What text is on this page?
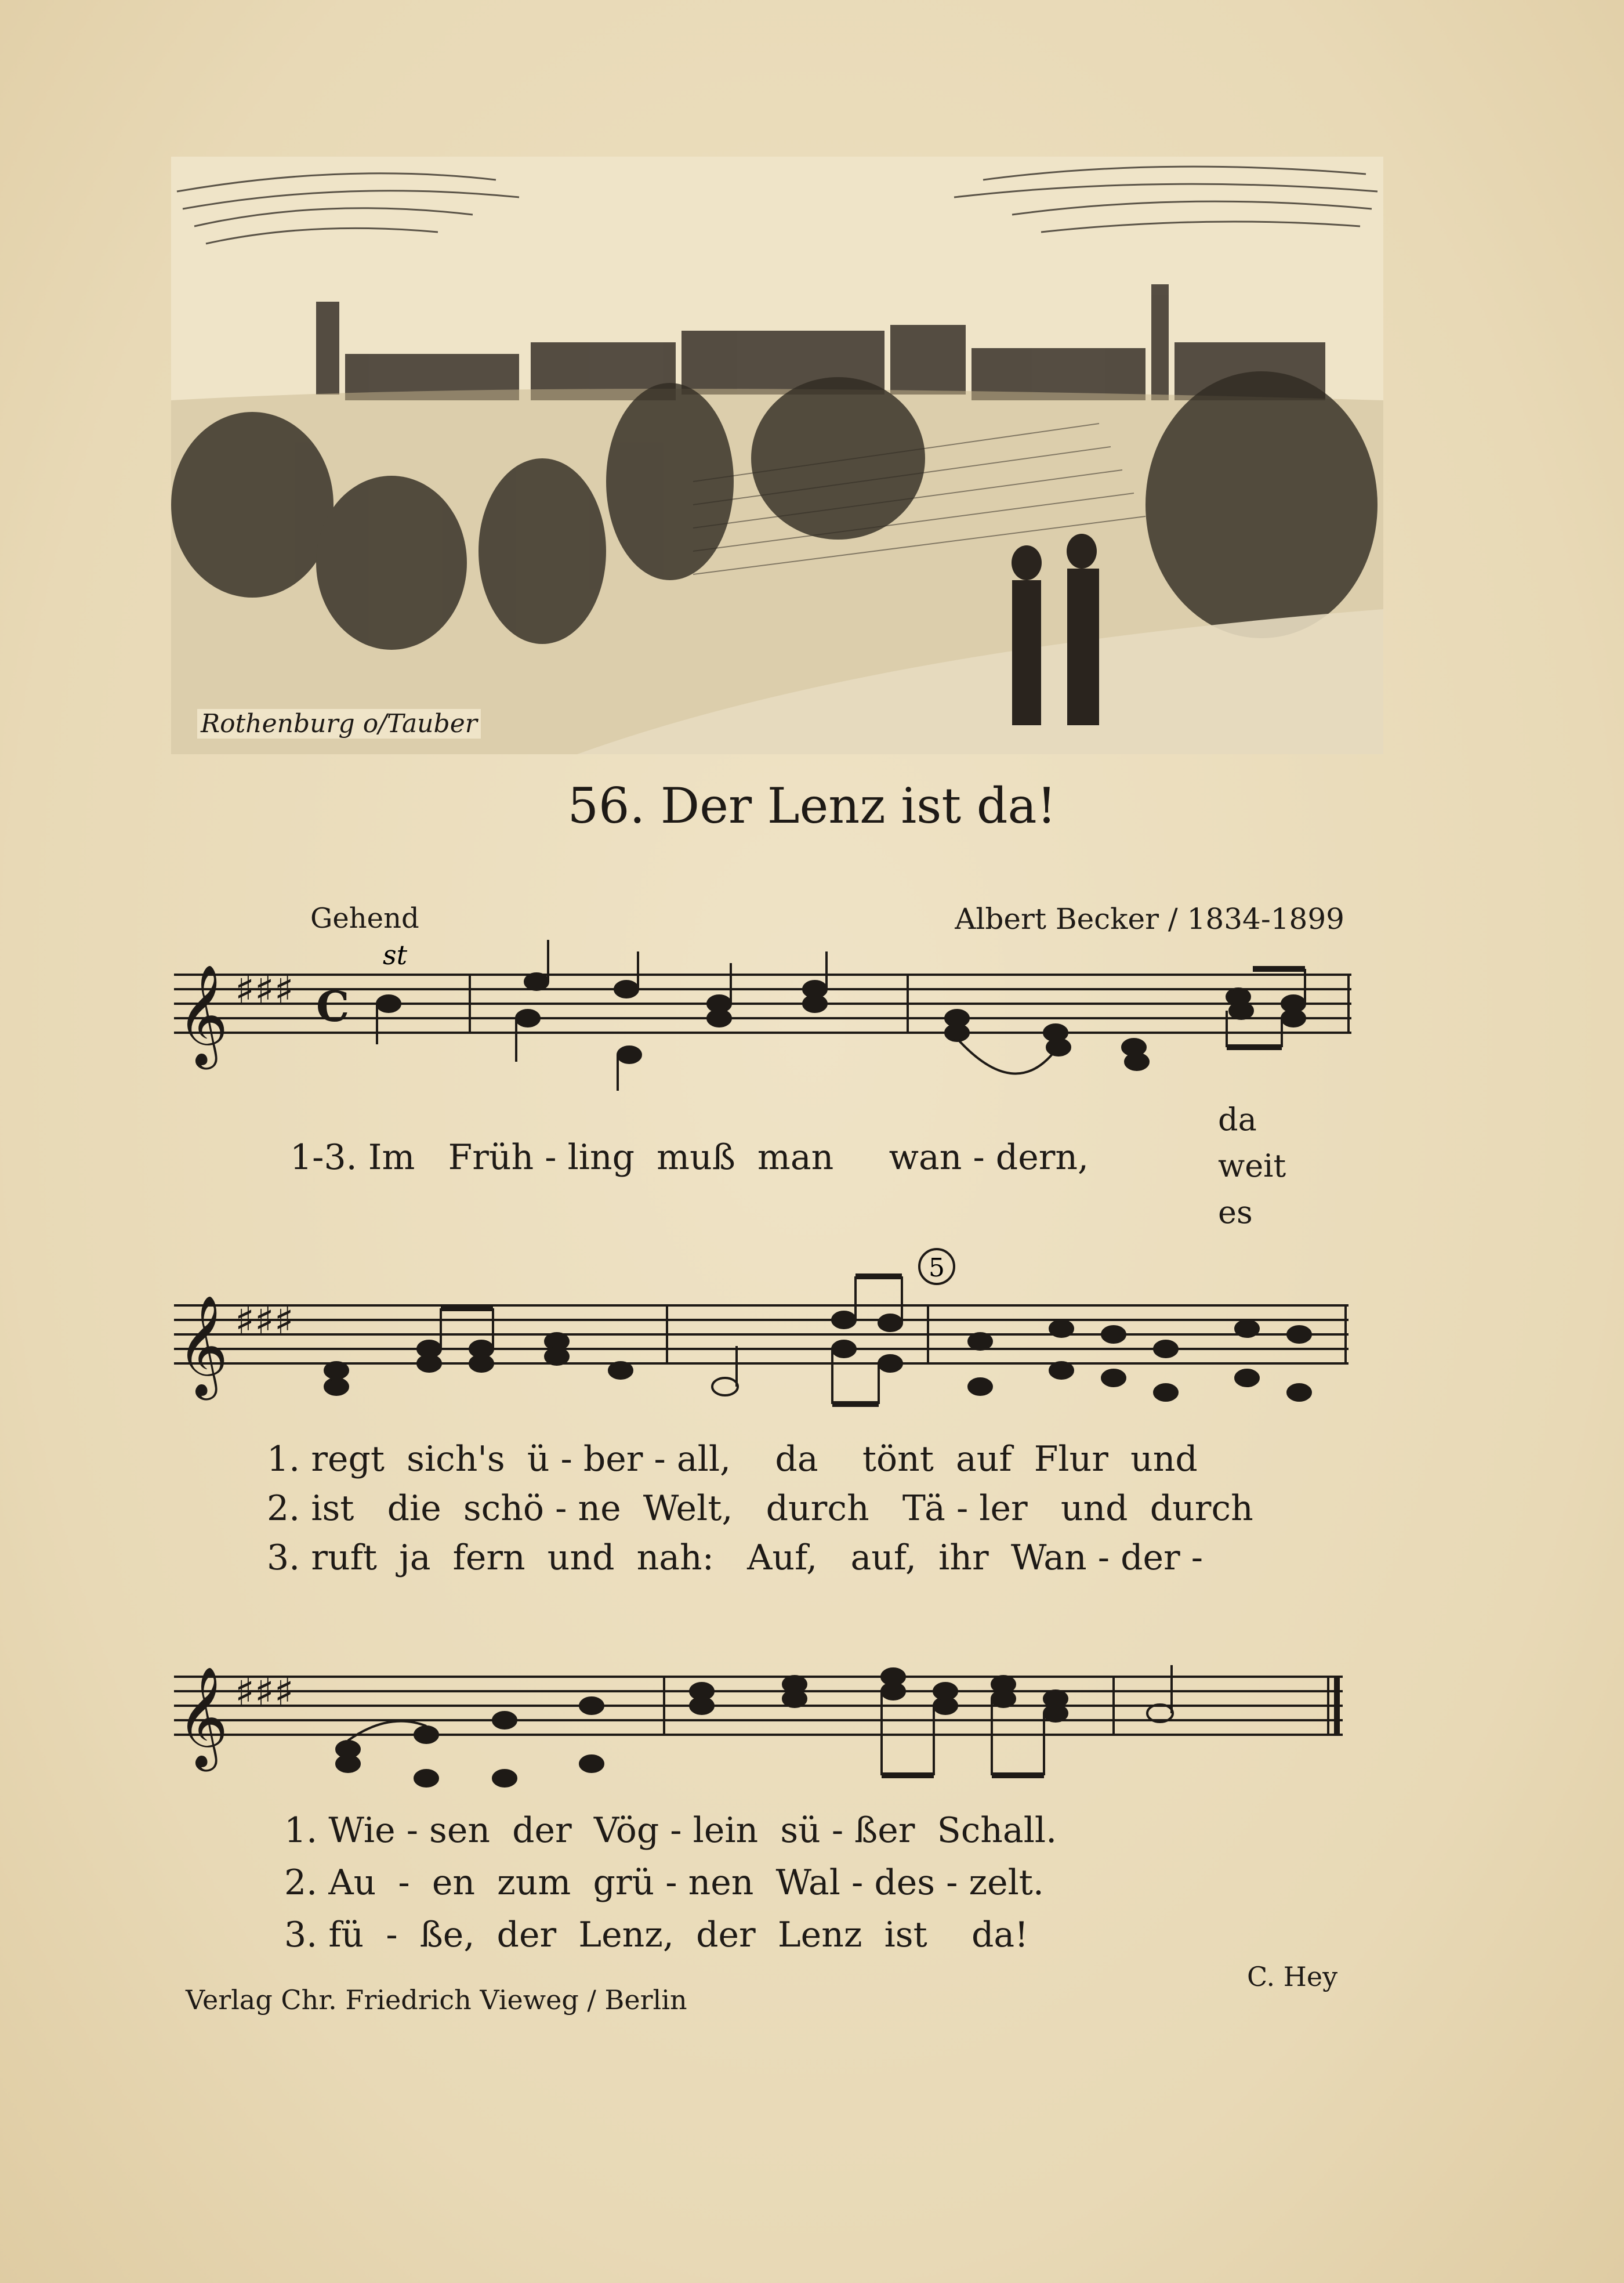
Rothenburg o/Tauber
56. Der Lenz ist da!
Gehend	Albert Becker / 1834-1899
𝄞
𝄞
𝄞
♯♯♯
♯♯♯
♯♯♯
C
st
5
1-3. Im   Früh - ling  muß  man     wan - dern,
da
weit
es
1. regt  sich's  ü - ber - all,    da    tönt  auf  Flur  und
2. ist   die  schö - ne  Welt,   durch   Tä - ler   und  durch
3. ruft  ja  fern  und  nah:   Auf,   auf,  ihr  Wan - der -
1. Wie - sen  der  Vög - lein  sü - ßer  Schall.
2. Au  -  en  zum  grü - nen  Wal - des - zelt.
3. fü  -  ße,  der  Lenz,  der  Lenz  ist    da!
Verlag Chr. Friedrich Vieweg / Berlin
C. Hey
